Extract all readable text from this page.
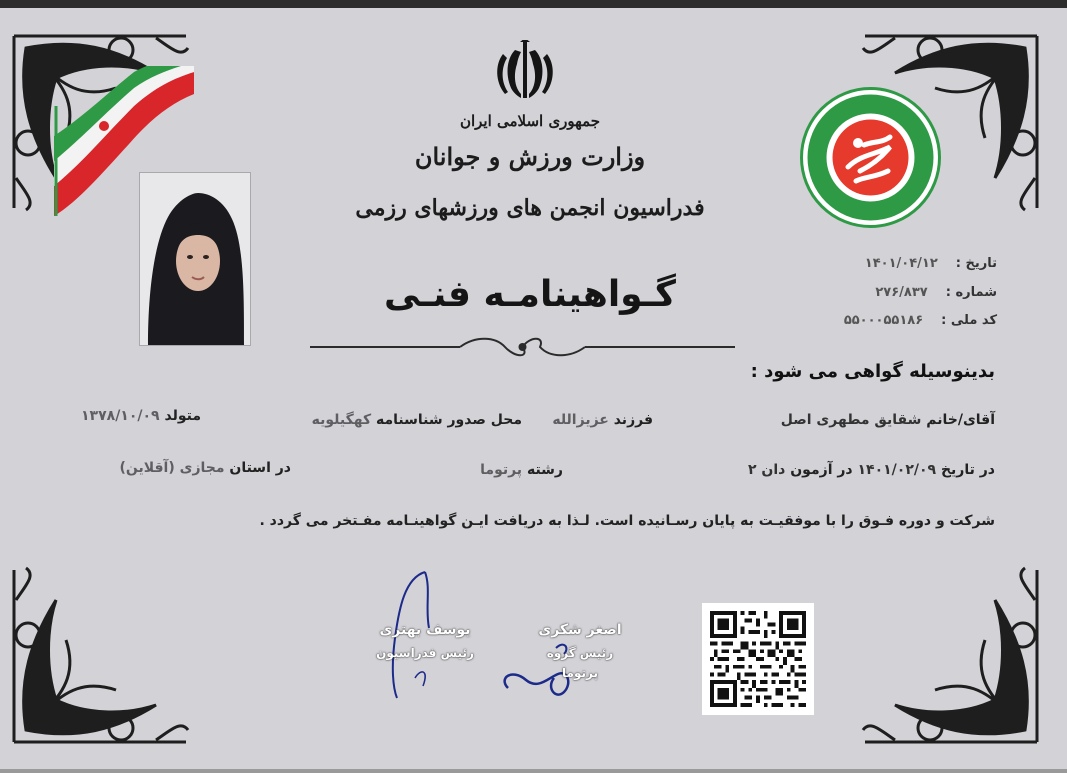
جمهوری اسلامی ایران
وزارت ورزش و جوانان
فدراسیون انجمن های ورزشهای رزمی
تاریخ :۱۴۰۱/۰۴/۱۲
شماره :۲۷۶/۸۳۷
کد ملی :۵۵۰۰۰۵۵۱۸۶
گـواهینامـه فنـی
بدینوسیله گواهی می شود :
آقای/خانم شقایق مطهری اصل
فرزند عزیزالله
محل صدور شناسنامه کهگیلویه
متولد ۱۳۷۸/۱۰/۰۹
در تاریخ ۱۴۰۱/۰۲/۰۹ در آزمون دان ۲
رشته پرتوما
در استان مجازی (آقلاین)
شرکت و دوره فـوق را با موفقیـت به پایان رسـانیده است. لـذا به دریافت ایـن گواهینـامه مفـتخر می گردد .
یوسف بهتری
رئیس فدراسیون
اصغر شکری
رئیس گروه
پرتوما
